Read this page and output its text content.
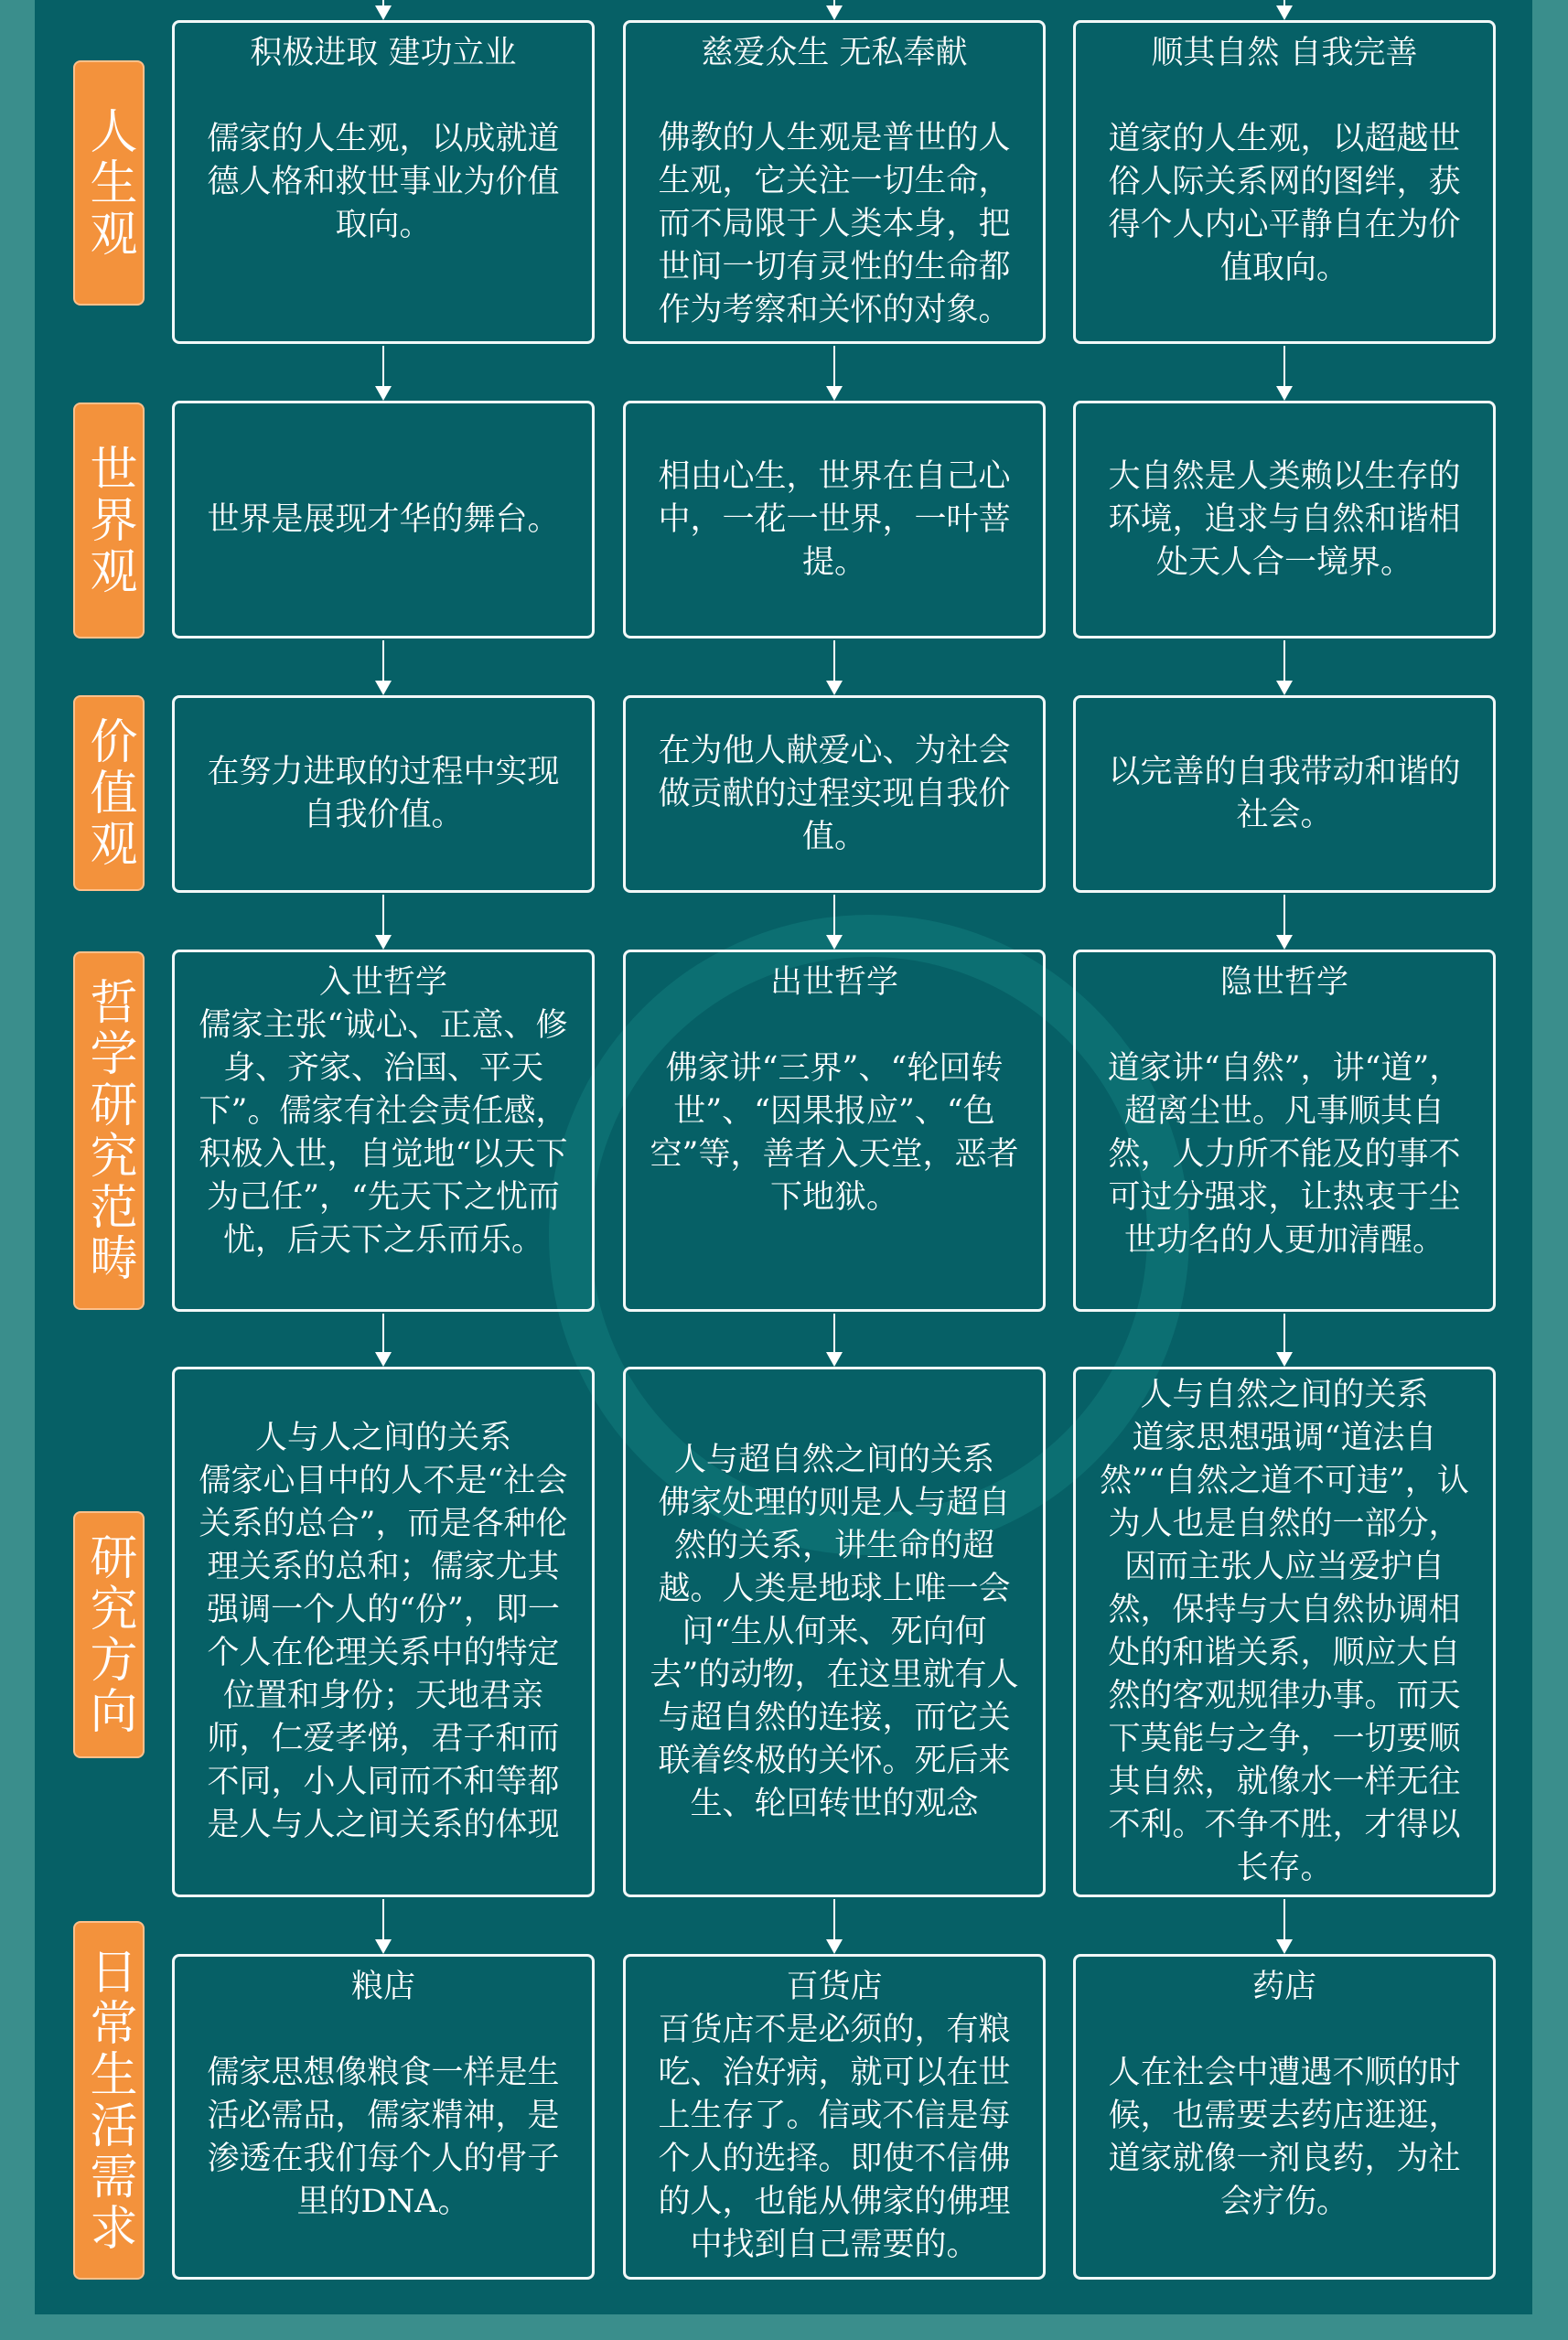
人生观
世界观
价值观
哲学研究范畴
研究方向
日常生活需求

积极进取 建功立业

儒家的人生观，以成就道德人格和救世事业为价值取向。

慈爱众生 无私奉献

佛教的人生观是普世的人生观，它关注一切生命，而不局限于人类本身，把世间一切有灵性的生命都作为考察和关怀的对象。

顺其自然 自我完善

道家的人生观，以超越世俗人际关系网的图绊，获得个人内心平静自在为价值取向。

世界是展现才华的舞台。

相由心生，世界在自己心中，一花一世界，一叶菩提。

大自然是人类赖以生存的环境，追求与自然和谐相处天人合一境界。

在努力进取的过程中实现自我价值。

在为他人献爱心、为社会做贡献的过程实现自我价值。

以完善的自我带动和谐的社会。

入世哲学

儒家主张“诚心、正意、修身、齐家、治国、平天下”。儒家有社会责任感，积极入世，自觉地“以天下为己任”，“先天下之忧而忧，后天下之乐而乐。

出世哲学

佛家讲“三界”、“轮回转世”、“因果报应”、“色空”等，善者入天堂，恶者下地狱。

隐世哲学

道家讲“自然”，讲“道”，超离尘世。凡事顺其自然，人力所不能及的事不可过分强求，让热衷于尘世功名的人更加清醒。

人与人之间的关系

儒家心目中的人不是“社会关系的总合”，而是各种伦理关系的总和；儒家尤其强调一个人的“份”，即一个人在伦理关系中的特定位置和身份；天地君亲师，仁爱孝悌，君子和而不同，小人同而不和等都是人与人之间关系的体现

人与超自然之间的关系

佛家处理的则是人与超自然的关系，讲生命的超越。人类是地球上唯一会问“生从何来、死向何去”的动物，在这里就有人与超自然的连接，而它关联着终极的关怀。死后来生、轮回转世的观念

人与自然之间的关系

道家思想强调“道法自然”“自然之道不可违”，认为人也是自然的一部分，因而主张人应当爱护自然，保持与大自然协调相处的和谐关系，顺应大自然的客观规律办事。而天下莫能与之争，一切要顺其自然，就像水一样无往不利。不争不胜，才得以长存。

粮店

儒家思想像粮食一样是生活必需品，儒家精神，是渗透在我们每个人的骨子里的DNA。

百货店

百货店不是必须的，有粮吃、治好病，就可以在世上生存了。信或不信是每个人的选择。即使不信佛的人，也能从佛家的佛理中找到自己需要的。

药店

人在社会中遭遇不顺的时候，也需要去药店逛逛，道家就像一剂良药，为社会疗伤。
